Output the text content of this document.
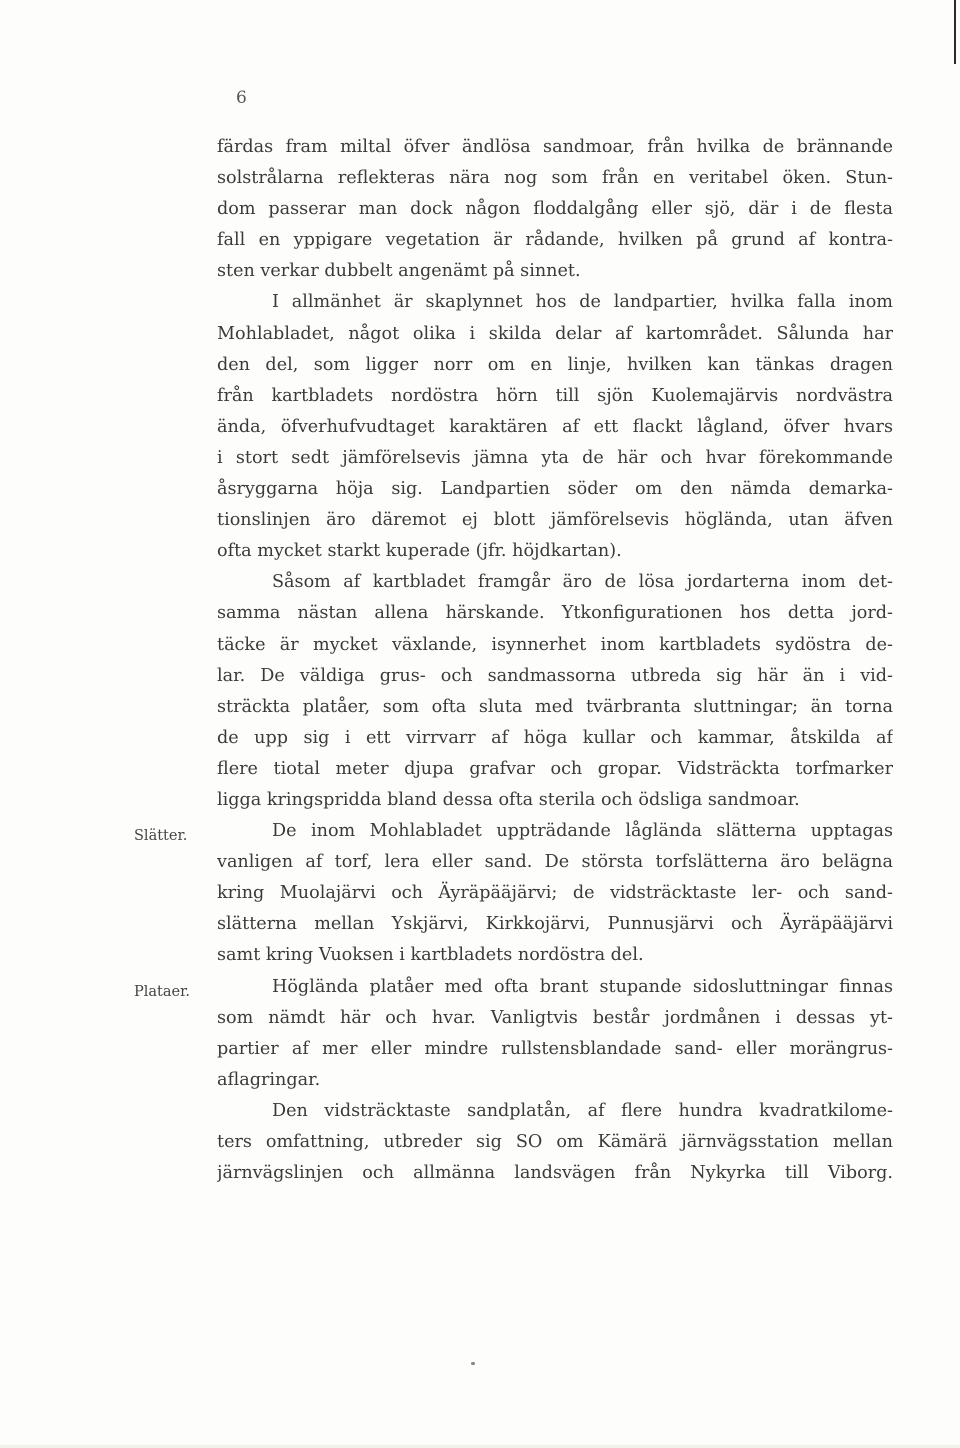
6
Slätter.
Plataer.
färdas fram miltal öfver ändlösa sandmoar, från hvilka de brännande
solstrålarna reflekteras nära nog som från en veritabel öken. Stun-
dom passerar man dock någon floddalgång eller sjö, där i de flesta
fall en yppigare vegetation är rådande, hvilken på grund af kontra-
sten verkar dubbelt angenämt på sinnet.
I allmänhet är skaplynnet hos de landpartier, hvilka falla inom
Mohlabladet, något olika i skilda delar af kartområdet. Sålunda har
den del, som ligger norr om en linje, hvilken kan tänkas dragen
från kartbladets nordöstra hörn till sjön Kuolemajärvis nordvästra
ända, öfverhufvudtaget karaktären af ett flackt lågland, öfver hvars
i stort sedt jämförelsevis jämna yta de här och hvar förekommande
åsryggarna höja sig. Landpartien söder om den nämda demarka-
tionslinjen äro däremot ej blott jämförelsevis högländа, utan äfven
ofta mycket starkt kuperade (jfr. höjdkartan).
Såsom af kartbladet framgår äro de lösa jordarterna inom det-
samma nästan allena härskande. Ytkonfigurationen hos detta jord-
täcke är mycket växlande, isynnerhet inom kartbladets sydöstra de-
lar. De väldiga grus- och sandmassorna utbreda sig här än i vid-
sträckta platåer, som ofta sluta med tvärbranta sluttningar; än torna
de upp sig i ett virrvarr af höga kullar och kammar, åtskilda af
flere tiotal meter djupa grafvar och gropar. Vidsträckta torfmarker
ligga kringspridda bland dessa ofta sterila och ödsliga sandmoar.
De inom Mohlabladet uppträdande lågländа slätterna upptagas
vanligen af torf, lera eller sand. De största torfslätterna äro belägna
kring Muolajärvi och Äyräpääjärvi; de vidsträcktaste ler- och sand-
slätterna mellan Yskjärvi, Kirkkojärvi, Punnusjärvi och Äyräpääjärvi
samt kring Vuoksen i kartbladets nordöstra del.
Högländа platåer med ofta brant stupande sidosluttningar finnas
som nämdt här och hvar. Vanligtvis består jordmånen i dessas yt-
partier af mer eller mindre rullstensblandade sand- eller morängrus-
aflagringar.
Den vidsträcktaste sandplatån, af flere hundra kvadratkilome-
ters omfattning, utbreder sig SO om Kämärä järnvägsstation mellan
järnvägslinjen och allmänna landsvägen från Nykyrka till Viborg.
